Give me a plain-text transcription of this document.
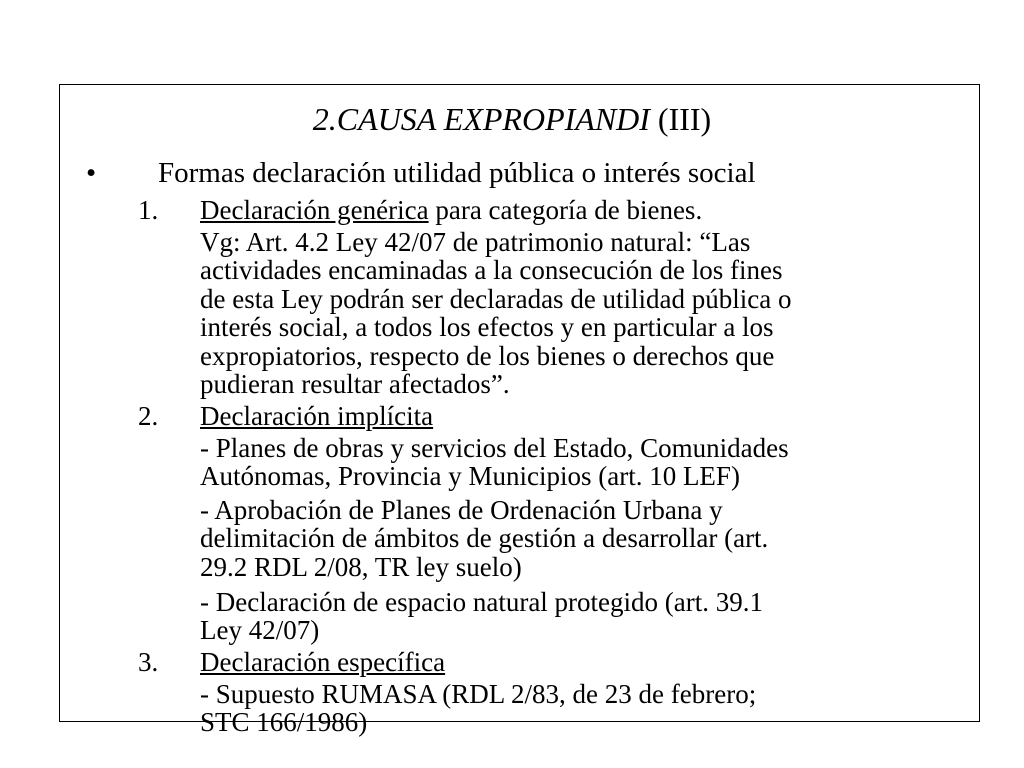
2.CAUSA EXPROPIANDI (III)
• Formas declaración utilidad pública o interés social
1. Declaración genérica para categoría de bienes.
Vg: Art. 4.2 Ley 42/07 de patrimonio natural: “Las
actividades encaminadas a la consecución de los fines
de esta Ley podrán ser declaradas de utilidad pública o
interés social, a todos los efectos y en particular a los
expropiatorios, respecto de los bienes o derechos que
pudieran resultar afectados”.
2. Declaración implícita
- Planes de obras y servicios del Estado, Comunidades
Autónomas, Provincia y Municipios (art. 10 LEF)
- Aprobación de Planes de Ordenación Urbana y
delimitación de ámbitos de gestión a desarrollar (art.
29.2 RDL 2/08, TR ley suelo)
- Declaración de espacio natural protegido (art. 39.1
Ley 42/07)
3. Declaración específica
- Supuesto RUMASA (RDL 2/83, de 23 de febrero;
STC 166/1986)
